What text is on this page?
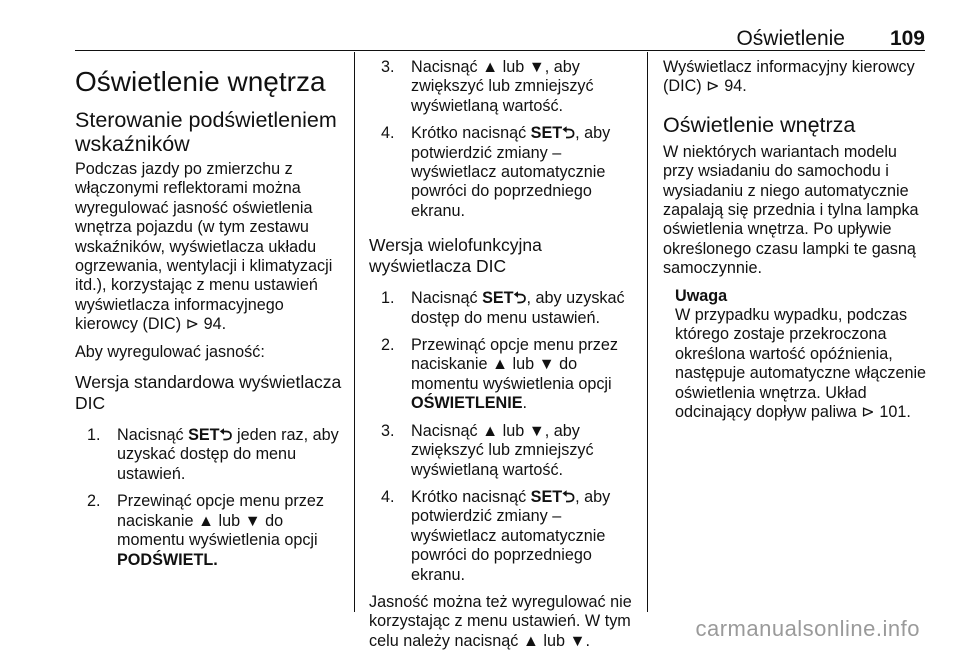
Oświetlenie 109
Oświetlenie wnętrza
Sterowanie podświetleniem wskaźników
Podczas jazdy po zmierzchu z włączonymi reflektorami można wyregulować jasność oświetlenia wnętrza pojazdu (w tym zestawu wskaźników, wyświetlacza układu ogrzewania, wentylacji i klimatyzacji itd.), korzystając z menu ustawień wyświetlacza informacyjnego kierowcy (DIC) ⊳ 94.
Aby wyregulować jasność:
Wersja standardowa wyświetlacza DIC
1. Nacisnąć SET⮌ jeden raz, aby uzyskać dostęp do menu ustawień.
2. Przewinąć opcje menu przez naciskanie ▲ lub ▼ do momentu wyświetlenia opcji PODŚWIETL.
3. Nacisnąć ▲ lub ▼, aby zwiększyć lub zmniejszyć wyświetlaną wartość.
4. Krótko nacisnąć SET⮌, aby potwierdzić zmiany – wyświetlacz automatycznie powróci do poprzedniego ekranu.
Wersja wielofunkcyjna wyświetlacza DIC
1. Nacisnąć SET⮌, aby uzyskać dostęp do menu ustawień.
2. Przewinąć opcje menu przez naciskanie ▲ lub ▼ do momentu wyświetlenia opcji OŚWIETLENIE.
3. Nacisnąć ▲ lub ▼, aby zwiększyć lub zmniejszyć wyświetlaną wartość.
4. Krótko nacisnąć SET⮌, aby potwierdzić zmiany – wyświetlacz automatycznie powróci do poprzedniego ekranu.
Jasność można też wyregulować nie korzystając z menu ustawień. W tym celu należy nacisnąć ▲ lub ▼.
Wyświetlacz informacyjny kierowcy (DIC) ⊳ 94.
Oświetlenie wnętrza
W niektórych wariantach modelu przy wsiadaniu do samochodu i wysiadaniu z niego automatycznie zapalają się przednia i tylna lampka oświetlenia wnętrza. Po upływie określonego czasu lampki te gasną samoczynnie.
Uwaga
W przypadku wypadku, podczas którego zostaje przekroczona określona wartość opóźnienia, następuje automatyczne włączenie oświetlenia wnętrza. Układ odcinający dopływ paliwa ⊳ 101.
carmanualsonline.info
